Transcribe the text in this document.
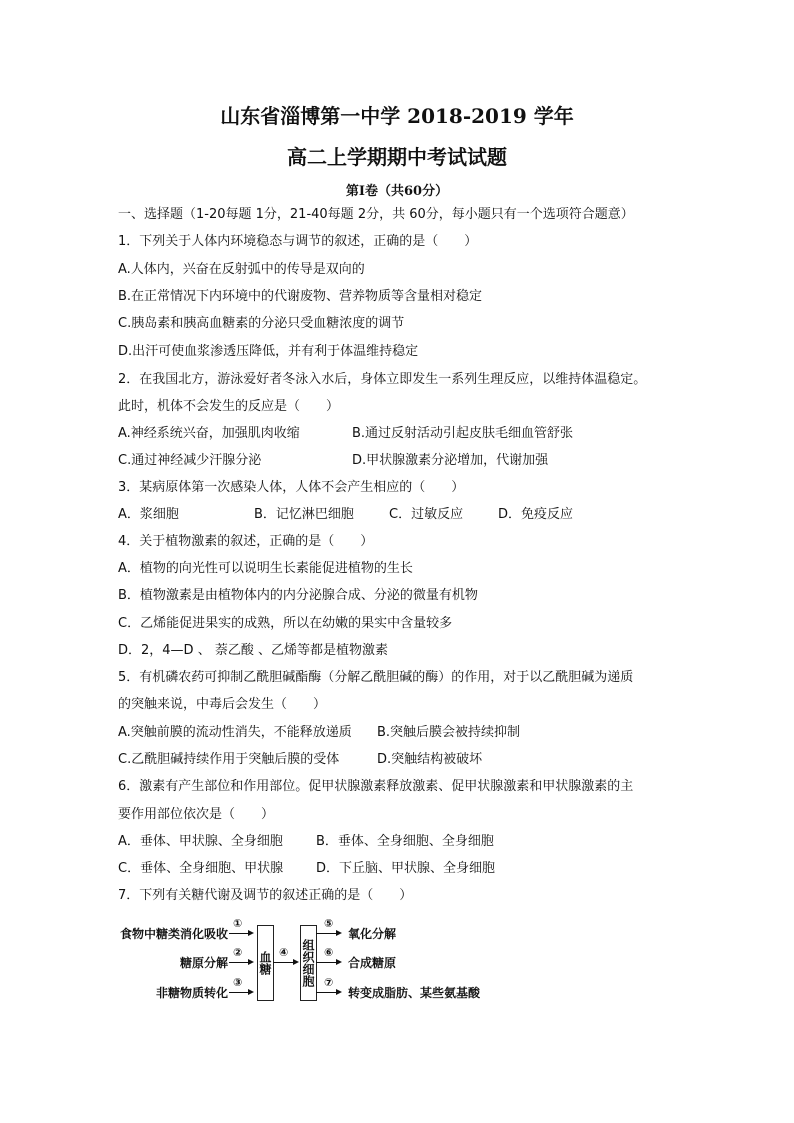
山东省淄博第一中学 2018-2019 学年
高二上学期期中考试试题
第I卷（共60分）
一、选择题（1-20每题 1分，21-40每题 2分，共 60分，每小题只有一个选项符合题意）
1．下列关于人体内环境稳态与调节的叙述，正确的是（　　）
A.人体内，兴奋在反射弧中的传导是双向的
B.在正常情况下内环境中的代谢废物、营养物质等含量相对稳定
C.胰岛素和胰高血糖素的分泌只受血糖浓度的调节
D.出汗可使血浆渗透压降低，并有利于体温维持稳定
2．在我国北方，游泳爱好者冬泳入水后，身体立即发生一系列生理反应，以维持体温稳定。
此时，机体不会发生的反应是（　　）
A.神经系统兴奋，加强肌肉收缩	B.通过反射活动引起皮肤毛细血管舒张
C.通过神经减少汗腺分泌	D.甲状腺激素分泌增加，代谢加强
3．某病原体第一次感染人体，人体不会产生相应的（　　）
A．浆细胞	B．记忆淋巴细胞	C．过敏反应	D．免疫反应
4．关于植物激素的叙述，正确的是（　　）
A．植物的向光性可以说明生长素能促进植物的生长
B．植物激素是由植物体内的内分泌腺合成、分泌的微量有机物
C．乙烯能促进果实的成熟，所以在幼嫩的果实中含量较多
D．2，4—D 、 萘乙酸 、乙烯等都是植物激素
5．有机磷农药可抑制乙酰胆碱酯酶（分解乙酰胆碱的酶）的作用，对于以乙酰胆碱为递质
的突触来说，中毒后会发生（　　）
A.突触前膜的流动性消失，不能释放递质 B.突触后膜会被持续抑制
C.乙酰胆碱持续作用于突触后膜的受体	D.突触结构被破坏
6．激素有产生部位和作用部位。促甲状腺激素释放激素、促甲状腺激素和甲状腺激素的主
要作用部位依次是（　　）
A．垂体、甲状腺、全身细胞	B．垂体、全身细胞、全身细胞
C．垂体、全身细胞、甲状腺	D．下丘脑、甲状腺、全身细胞
7．下列有关糖代谢及调节的叙述正确的是（　　）
食物中糖类消化吸收
糖原分解
非糖物质转化
①
②
③
血糖 ④ 组织细胞
⑤
⑥
⑦
氧化分解
合成糖原
转变成脂肪、某些氨基酸
